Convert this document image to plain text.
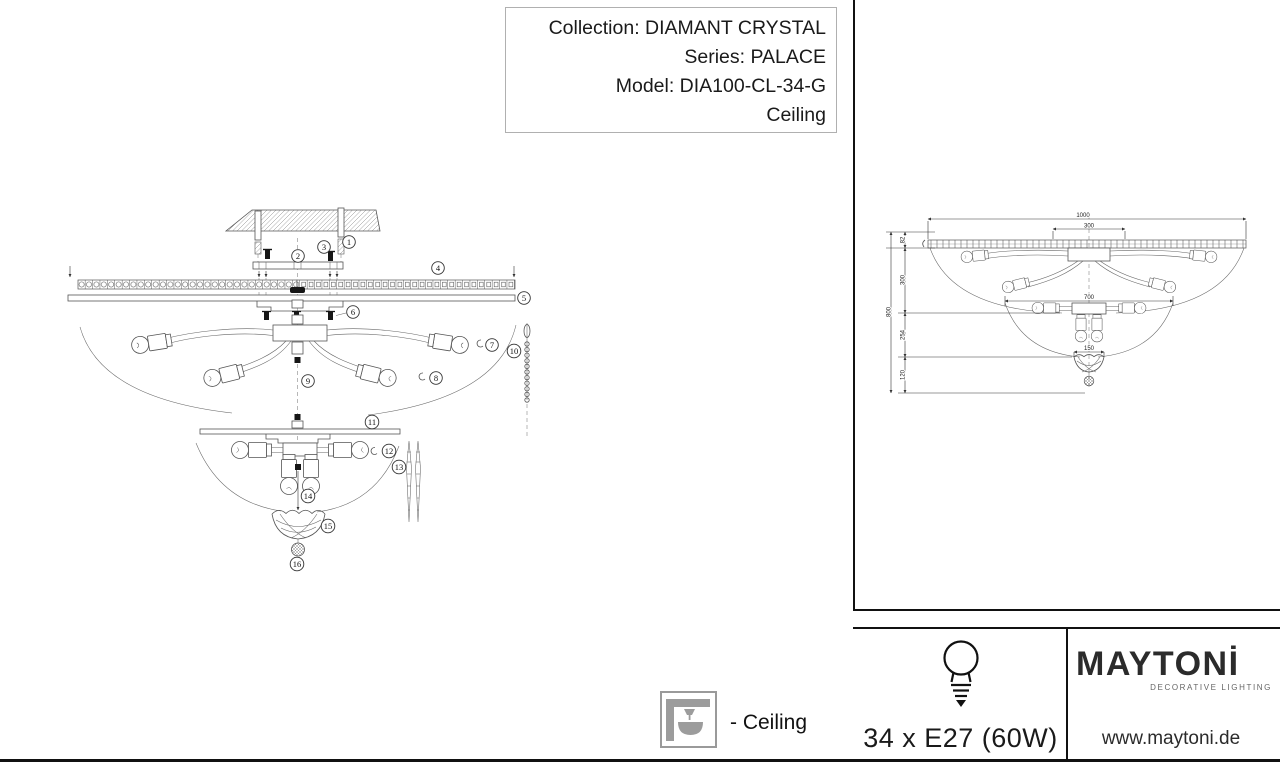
Collection: DIAMANT CRYSTAL
Series: PALACE
Model: DIA100-CL-34-G
Ceiling
1
2
3
4
5
6
7
8
9
10
11
12
13
14
15
16
1000
300
700
150
800
82
300
254
120
- Ceiling
34 x E27 (60W)
MAYTONİ
DECORATIVE LIGHTING
www.maytoni.de
